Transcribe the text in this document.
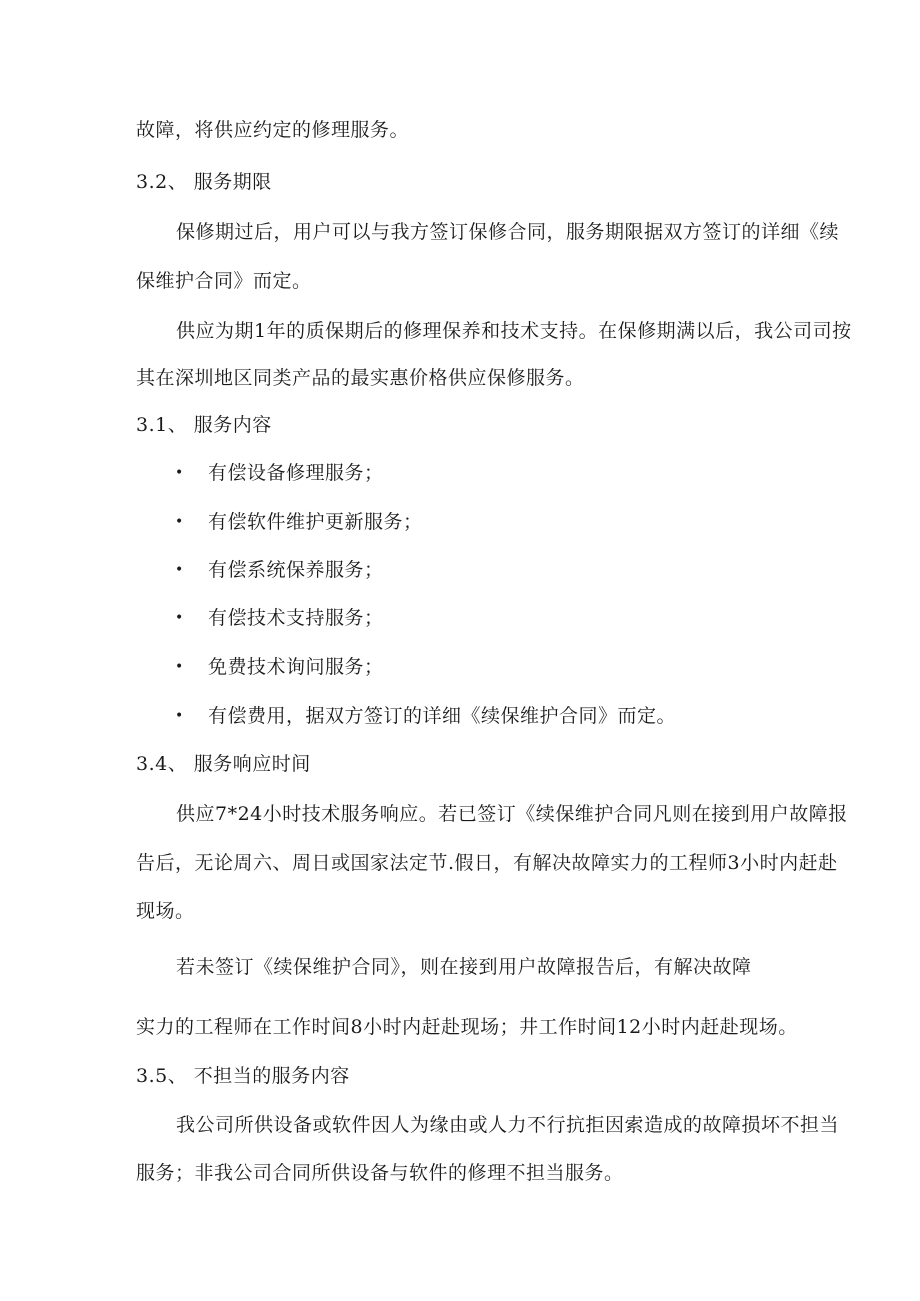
故障，将供应约定的修理服务。
3.2、 服务期限
保修期过后，用户可以与我方签订保修合同，服务期限据双方签订的详细《续
保维护合同》而定。
供应为期1年的质保期后的修理保养和技术支持。在保修期满以后，我公司司按
其在深圳地区同类产品的最实惠价格供应保修服务。
3.1、 服务内容
• 有偿设备修理服务；
• 有偿软件维护更新服务；
• 有偿系统保养服务；
• 有偿技术支持服务；
• 免费技术询问服务；
• 有偿费用，据双方签订的详细《续保维护合同》而定。
3.4、 服务响应时间
供应7*24小时技术服务响应。若已签订《续保维护合同凡则在接到用户故障报
告后，无论周六、周日或国家法定节.假日，有解决故障实力的工程师3小时内赶赴
现场。
若未签订《续保维护合同》，则在接到用户故障报告后，有解决故障
实力的工程师在工作时间8小时内赶赴现场；井工作时间12小时内赶赴现场。
3.5、 不担当的服务内容
我公司所供设备或软件因人为缘由或人力不行抗拒因索造成的故障损坏不担当
服务；非我公司合同所供设备与软件的修理不担当服务。
